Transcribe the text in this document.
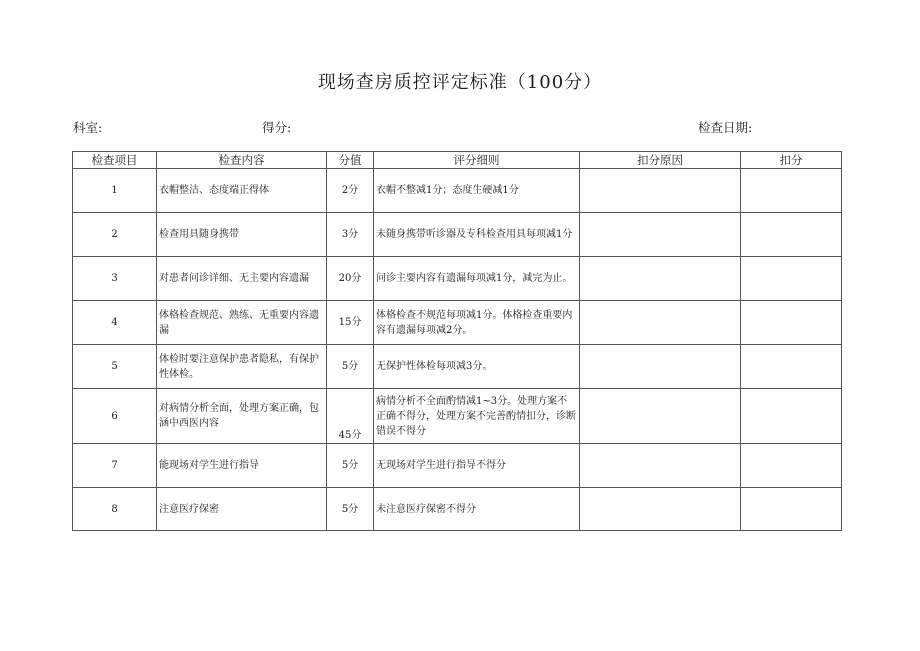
现场查房质控评定标准（100分）
科室:	得分:	检查日期:
检查项目	检查内容	分值	评分细则	扣分原因	扣分
1	衣帽整洁、态度端正得体	2分	衣帽不整减1分；态度生硬减1分		
2	检查用具随身携带	3分	未随身携带听诊器及专科检查用具每项减1分		
3	对患者问诊详细、无主要内容遗漏	20分	问诊主要内容有遗漏每项减1分，减完为止。		
4	体格检查规范、熟练、无重要内容遗漏	15分	体格检查不规范每项减1分。体格检查重要内容有遗漏每项减2分。		
5	体检时要注意保护患者隐私，有保护性体检。	5分	无保护性体检每项减3分。		
6	对病情分析全面，处理方案正确，包涵中西医内容	45分	病情分析不全面酌情减1~3分。处理方案不正确不得分，处理方案不完善酌情扣分，诊断错误不得分		
7	能现场对学生进行指导	5分	无现场对学生进行指导不得分		
8	注意医疗保密	5分	未注意医疗保密不得分		
